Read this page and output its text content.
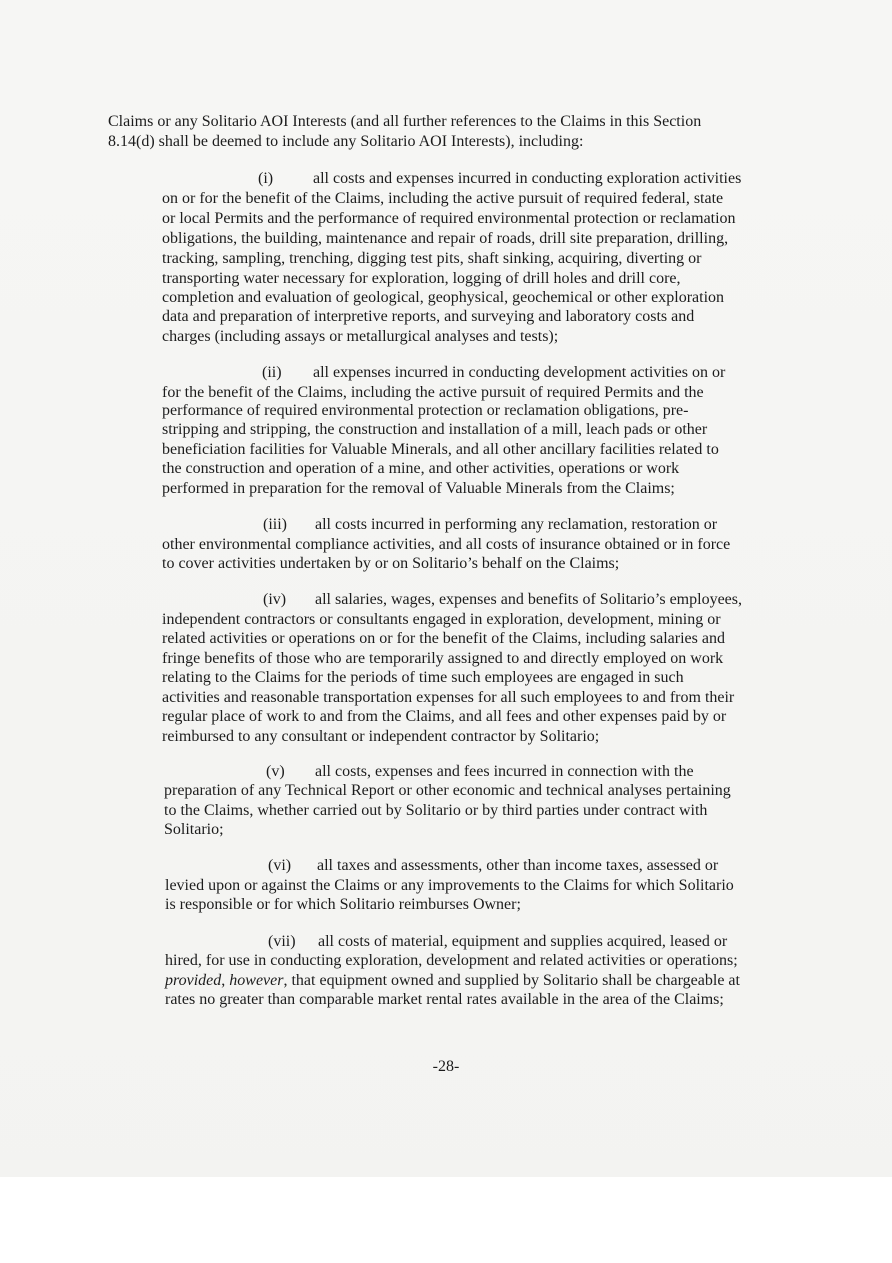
Claims or any Solitario AOI Interests (and all further references to the Claims in this Section

8.14(d) shall be deemed to include any Solitario AOI Interests), including:

(i) all costs and expenses incurred in conducting exploration activities

on or for the benefit of the Claims, including the active pursuit of required federal, state

or local Permits and the performance of required environmental protection or reclamation

obligations, the building, maintenance and repair of roads, drill site preparation, drilling,

tracking, sampling, trenching, digging test pits, shaft sinking, acquiring, diverting or

transporting water necessary for exploration, logging of drill holes and drill core,

completion and evaluation of geological, geophysical, geochemical or other exploration

data and preparation of interpretive reports, and surveying and laboratory costs and

charges (including assays or metallurgical analyses and tests);

(ii) all expenses incurred in conducting development activities on or

for the benefit of the Claims, including the active pursuit of required Permits and the

performance of required environmental protection or reclamation obligations, pre-

stripping and stripping, the construction and installation of a mill, leach pads or other

beneficiation facilities for Valuable Minerals, and all other ancillary facilities related to

the construction and operation of a mine, and other activities, operations or work

performed in preparation for the removal of Valuable Minerals from the Claims;

(iii) all costs incurred in performing any reclamation, restoration or

other environmental compliance activities, and all costs of insurance obtained or in force

to cover activities undertaken by or on Solitario’s behalf on the Claims;

(iv) all salaries, wages, expenses and benefits of Solitario’s employees,

independent contractors or consultants engaged in exploration, development, mining or

related activities or operations on or for the benefit of the Claims, including salaries and

fringe benefits of those who are temporarily assigned to and directly employed on work

relating to the Claims for the periods of time such employees are engaged in such

activities and reasonable transportation expenses for all such employees to and from their

regular place of work to and from the Claims, and all fees and other expenses paid by or

reimbursed to any consultant or independent contractor by Solitario;

(v) all costs, expenses and fees incurred in connection with the

preparation of any Technical Report or other economic and technical analyses pertaining

to the Claims, whether carried out by Solitario or by third parties under contract with

Solitario;

(vi) all taxes and assessments, other than income taxes, assessed or

levied upon or against the Claims or any improvements to the Claims for which Solitario

is responsible or for which Solitario reimburses Owner;

(vii) all costs of material, equipment and supplies acquired, leased or

hired, for use in conducting exploration, development and related activities or operations;

provided, however, that equipment owned and supplied by Solitario shall be chargeable at

rates no greater than comparable market rental rates available in the area of the Claims;

-28-
